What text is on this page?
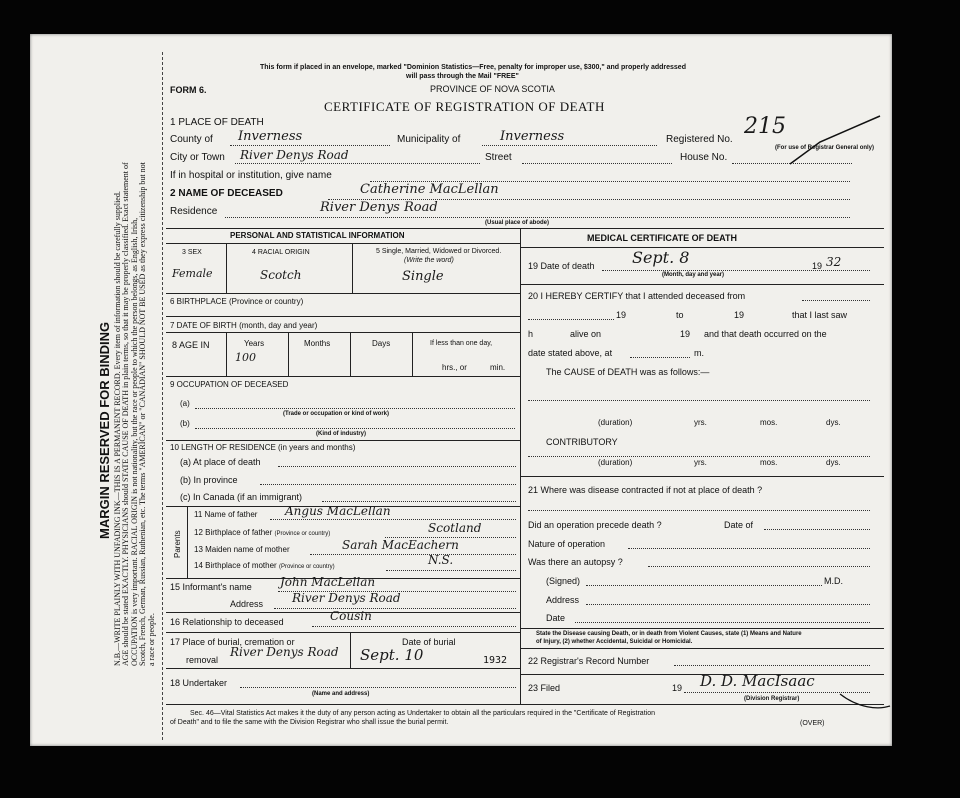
MARGIN RESERVED FOR BINDING N.B.—WRITE PLAINLY WITH UNFADING INK—THIS IS A PERMANENT RECORD. Every item of information should be carefully supplied. AGE should be stated EXACTLY. PHYSICIANS should STATE CAUSE OF DEATH in plain terms, so that it may be properly classified. Exact statement of OCCUPATION is very important. RACIAL ORIGIN is not nationality, but the race or people to which the person belongs, as English, Irish, Scotch, French, German, Russian, Ruthenian, etc. The terms "AMERICAN" or "CANADIAN" SHOULD NOT BE USED as they express citizenship but not a race or people.
This form if placed in an envelope, marked "Dominion Statistics—Free, penalty for improper use, $300," and properly addressed
will pass through the Mail "FREE"
FORM 6.	PROVINCE OF NOVA SCOTIA
CERTIFICATE OF REGISTRATION OF DEATH
1 PLACE OF DEATH
County of Inverness	Municipality of	Inverness	Registered No.
215
(For use of Registrar General only)
City or Town River Denys Road	Street	House No.
If in hospital or institution, give name
2 NAME OF DECEASED	Catherine MacLellan
Residence	River Denys Road
(Usual place of abode)
PERSONAL AND STATISTICAL INFORMATION
3 SEX	4 RACIAL ORIGIN	5 Single, Married, Widowed or Divorced.
(Write the word)
Female	Scotch	Single
6 BIRTHPLACE (Province or country)
7 DATE OF BIRTH (month, day and year)
8 AGE IN	Years	Months	Days	If less than one day,
100
hrs., or	min.
9 OCCUPATION OF DECEASED
(a)
(Trade or occupation or kind of work)
(b)
(Kind of industry)
10 LENGTH OF RESIDENCE (in years and months)
(a) At place of death
(b) In province
(c) In Canada (if an immigrant)
Parents
11 Name of father Angus MacLellan
12 Birthplace of father (Province or country)	Scotland
13 Maiden name of mother	Sarah MacEachern
14 Birthplace of mother (Province or country)	N.S.
15 Informant's name John MacLellan
Address River Denys Road
16 Relationship to deceased	Cousin
17 Place of burial, cremation or
removal
River Denys Road
Date of burial
Sept. 10	1932
18 Undertaker
(Name and address)
MEDICAL CERTIFICATE OF DEATH
19 Date of death Sept. 8
(Month, day and year)
19 32
20 I HEREBY CERTIFY that I attended deceased from
19	to	19	that I last saw
h	alive on	19 and that death occurred on the
date stated above, at	m.
The CAUSE of DEATH was as follows:—
(duration)	yrs.	mos.	dys.
CONTRIBUTORY
(duration)	yrs.	mos.	dys.
21 Where was disease contracted if not at place of death ?
Did an operation precede death ?	Date of
Nature of operation
Was there an autopsy ?
(Signed)	M.D.
Address
Date
State the Disease causing Death, or in death from Violent Causes, state (1) Means and Nature
of Injury, (2) whether Accidental, Suicidal or Homicidal.
22 Registrar's Record Number
23 Filed	19 D. D. MacIsaac
(Division Registrar)
Sec. 46—Vital Statistics Act makes it the duty of any person acting as Undertaker to obtain all the particulars required in the "Certificate of Registration
of Death" and to file the same with the Division Registrar who shall issue the burial permit.	(OVER)
